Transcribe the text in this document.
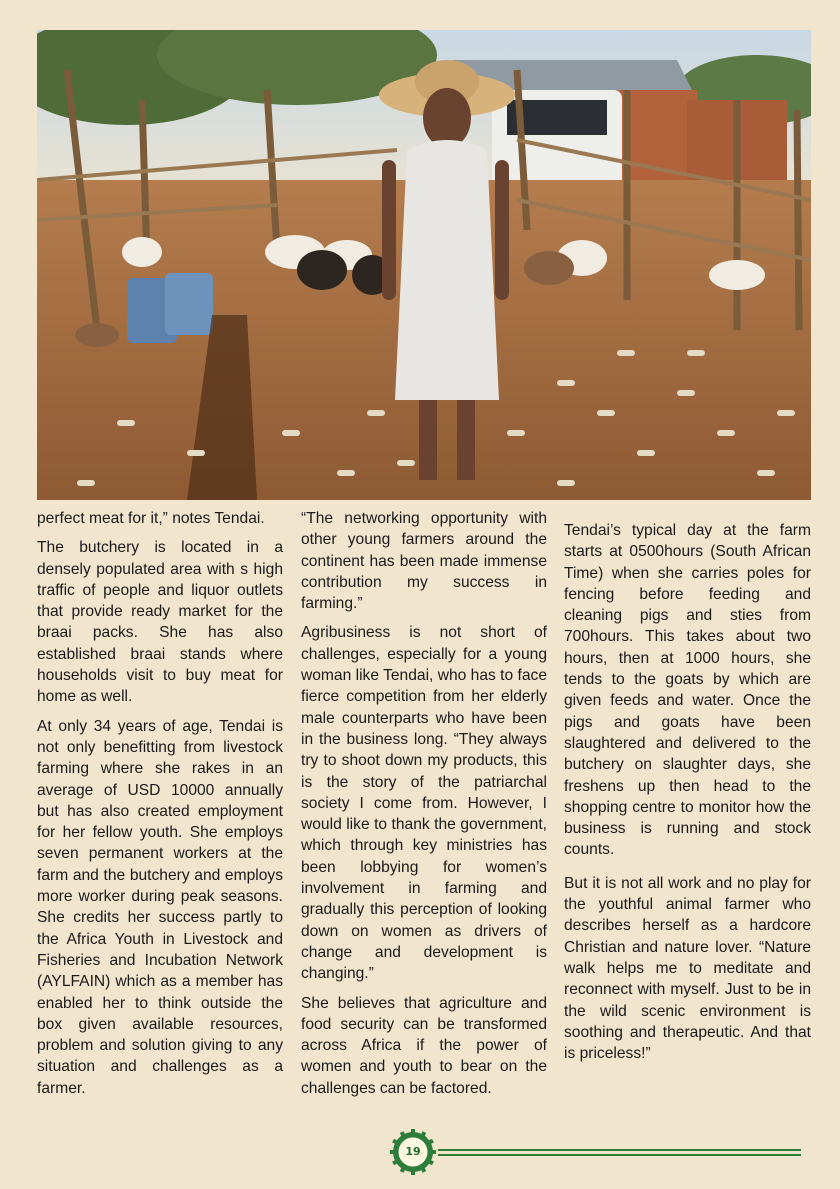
perfect meat for it,” notes Tendai.

The butchery is located in a densely populated area with s high traffic of people and liquor outlets that provide ready market for the braai packs. She has also established braai stands where households visit to buy meat for home as well.

At only 34 years of age, Tendai is not only benefitting from livestock farming where she rakes in an average of USD 10000 annually but has also created employment for her fellow youth. She employs seven permanent workers at the farm and the butchery and employs more worker during peak seasons. She credits her success partly to the Africa Youth in Livestock and Fisheries and Incubation Network (AYLFAIN) which as a member has enabled her to think outside the box given available resources, problem and solution giving to any situation and challenges as a farmer.

“The networking opportunity with other young farmers around the continent has been made immense contribution my success in farming.”

Agribusiness is not short of challenges, especially for a young woman like Tendai, who has to face fierce competition from her elderly male counterparts who have been in the business long. “They always try to shoot down my products, this is the story of the patriarchal society I come from. However, I would like to thank the government, which through key ministries has been lobbying for women’s involvement in farming and gradually this perception of looking down on women as drivers of change and development is changing.”

She believes that agriculture and food security can be transformed across Africa if the power of women and youth to bear on the challenges can be factored.

Tendai’s typical day at the farm starts at 0500hours (South African Time) when she carries poles for fencing before feeding and cleaning pigs and sties from 700hours. This takes about two hours, then at 1000 hours, she tends to the goats by which are given feeds and water. Once the pigs and goats have been slaughtered and delivered to the butchery on slaughter days, she freshens up then head to the shopping centre to monitor how the business is running and stock counts.

But it is not all work and no play for the youthful animal farmer who describes herself as a hardcore Christian and nature lover. “Nature walk helps me to meditate and reconnect with myself. Just to be in the wild scenic environment is soothing and therapeutic. And that is priceless!”

19
